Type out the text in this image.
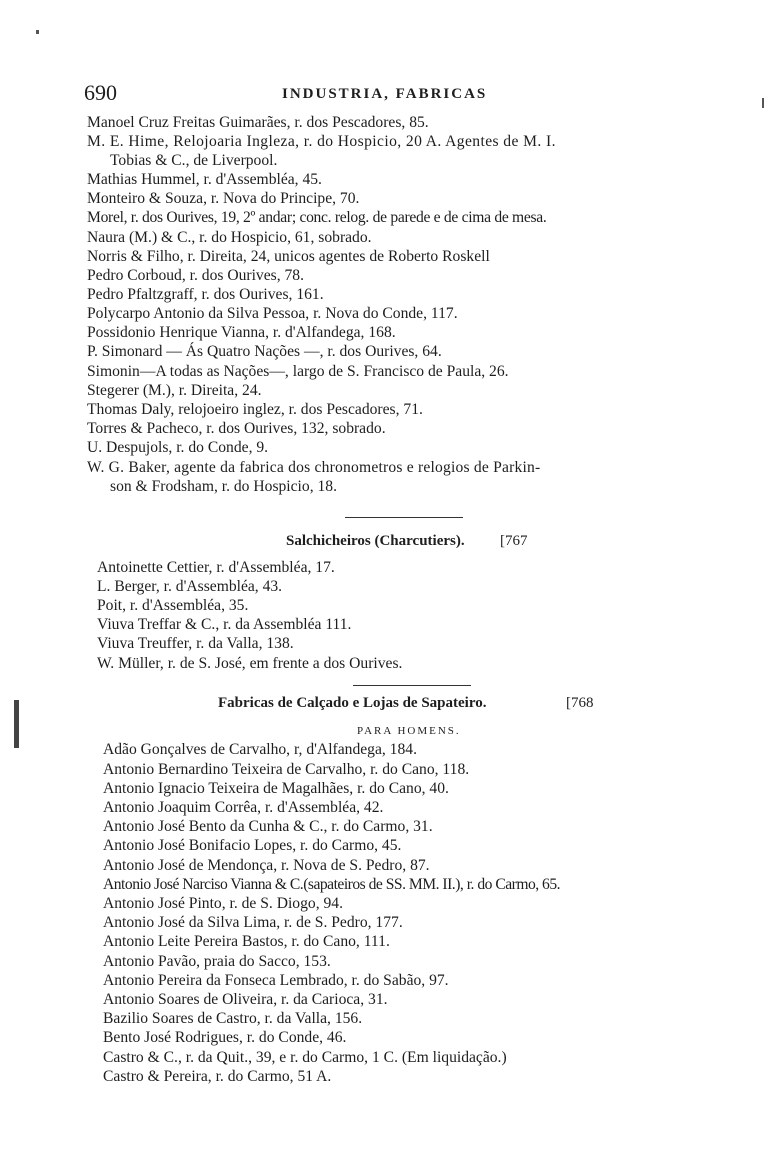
690	INDUSTRIA, FABRICAS
Manoel Cruz Freitas Guimarães, r. dos Pescadores, 85.
M. E. Hime, Relojoaria Ingleza, r. do Hospicio, 20 A. Agentes de M. I.
Tobias & C., de Liverpool.
Mathias Hummel, r. d'Assembléa, 45.
Monteiro & Souza, r. Nova do Principe, 70.
Morel, r. dos Ourives, 19, 2º andar; conc. relog. de parede e de cima de mesa.
Naura (M.) & C., r. do Hospicio, 61, sobrado.
Norris & Filho, r. Direita, 24, unicos agentes de Roberto Roskell
Pedro Corboud, r. dos Ourives, 78.
Pedro Pfaltzgraff, r. dos Ourives, 161.
Polycarpo Antonio da Silva Pessoa, r. Nova do Conde, 117.
Possidonio Henrique Vianna, r. d'Alfandega, 168.
P. Simonard — Ás Quatro Nações —, r. dos Ourives, 64.
Simonin—A todas as Nações—, largo de S. Francisco de Paula, 26.
Stegerer (M.), r. Direita, 24.
Thomas Daly, relojoeiro inglez, r. dos Pescadores, 71.
Torres & Pacheco, r. dos Ourives, 132, sobrado.
U. Despujols, r. do Conde, 9.
W. G. Baker, agente da fabrica dos chronometros e relogios de Parkin-
son & Frodsham, r. do Hospicio, 18.
Salchicheiros (Charcutiers). [767
Antoinette Cettier, r. d'Assembléa, 17.
L. Berger, r. d'Assembléa, 43.
Poit, r. d'Assembléa, 35.
Viuva Treffar & C., r. da Assembléa 111.
Viuva Treuffer, r. da Valla, 138.
W. Müller, r. de S. José, em frente a dos Ourives.
Fabricas de Calçado e Lojas de Sapateiro.	[768
PARA HOMENS.
Adão Gonçalves de Carvalho, r, d'Alfandega, 184.
Antonio Bernardino Teixeira de Carvalho, r. do Cano, 118.
Antonio Ignacio Teixeira de Magalhães, r. do Cano, 40.
Antonio Joaquim Corrêa, r. d'Assembléa, 42.
Antonio José Bento da Cunha & C., r. do Carmo, 31.
Antonio José Bonifacio Lopes, r. do Carmo, 45.
Antonio José de Mendonça, r. Nova de S. Pedro, 87.
Antonio José Narciso Vianna & C.(sapateiros de SS. MM. II.), r. do Carmo, 65.
Antonio José Pinto, r. de S. Diogo, 94.
Antonio José da Silva Lima, r. de S. Pedro, 177.
Antonio Leite Pereira Bastos, r. do Cano, 111.
Antonio Pavão, praia do Sacco, 153.
Antonio Pereira da Fonseca Lembrado, r. do Sabão, 97.
Antonio Soares de Oliveira, r. da Carioca, 31.
Bazilio Soares de Castro, r. da Valla, 156.
Bento José Rodrigues, r. do Conde, 46.
Castro & C., r. da Quit., 39, e r. do Carmo, 1 C. (Em liquidação.)
Castro & Pereira, r. do Carmo, 51 A.
